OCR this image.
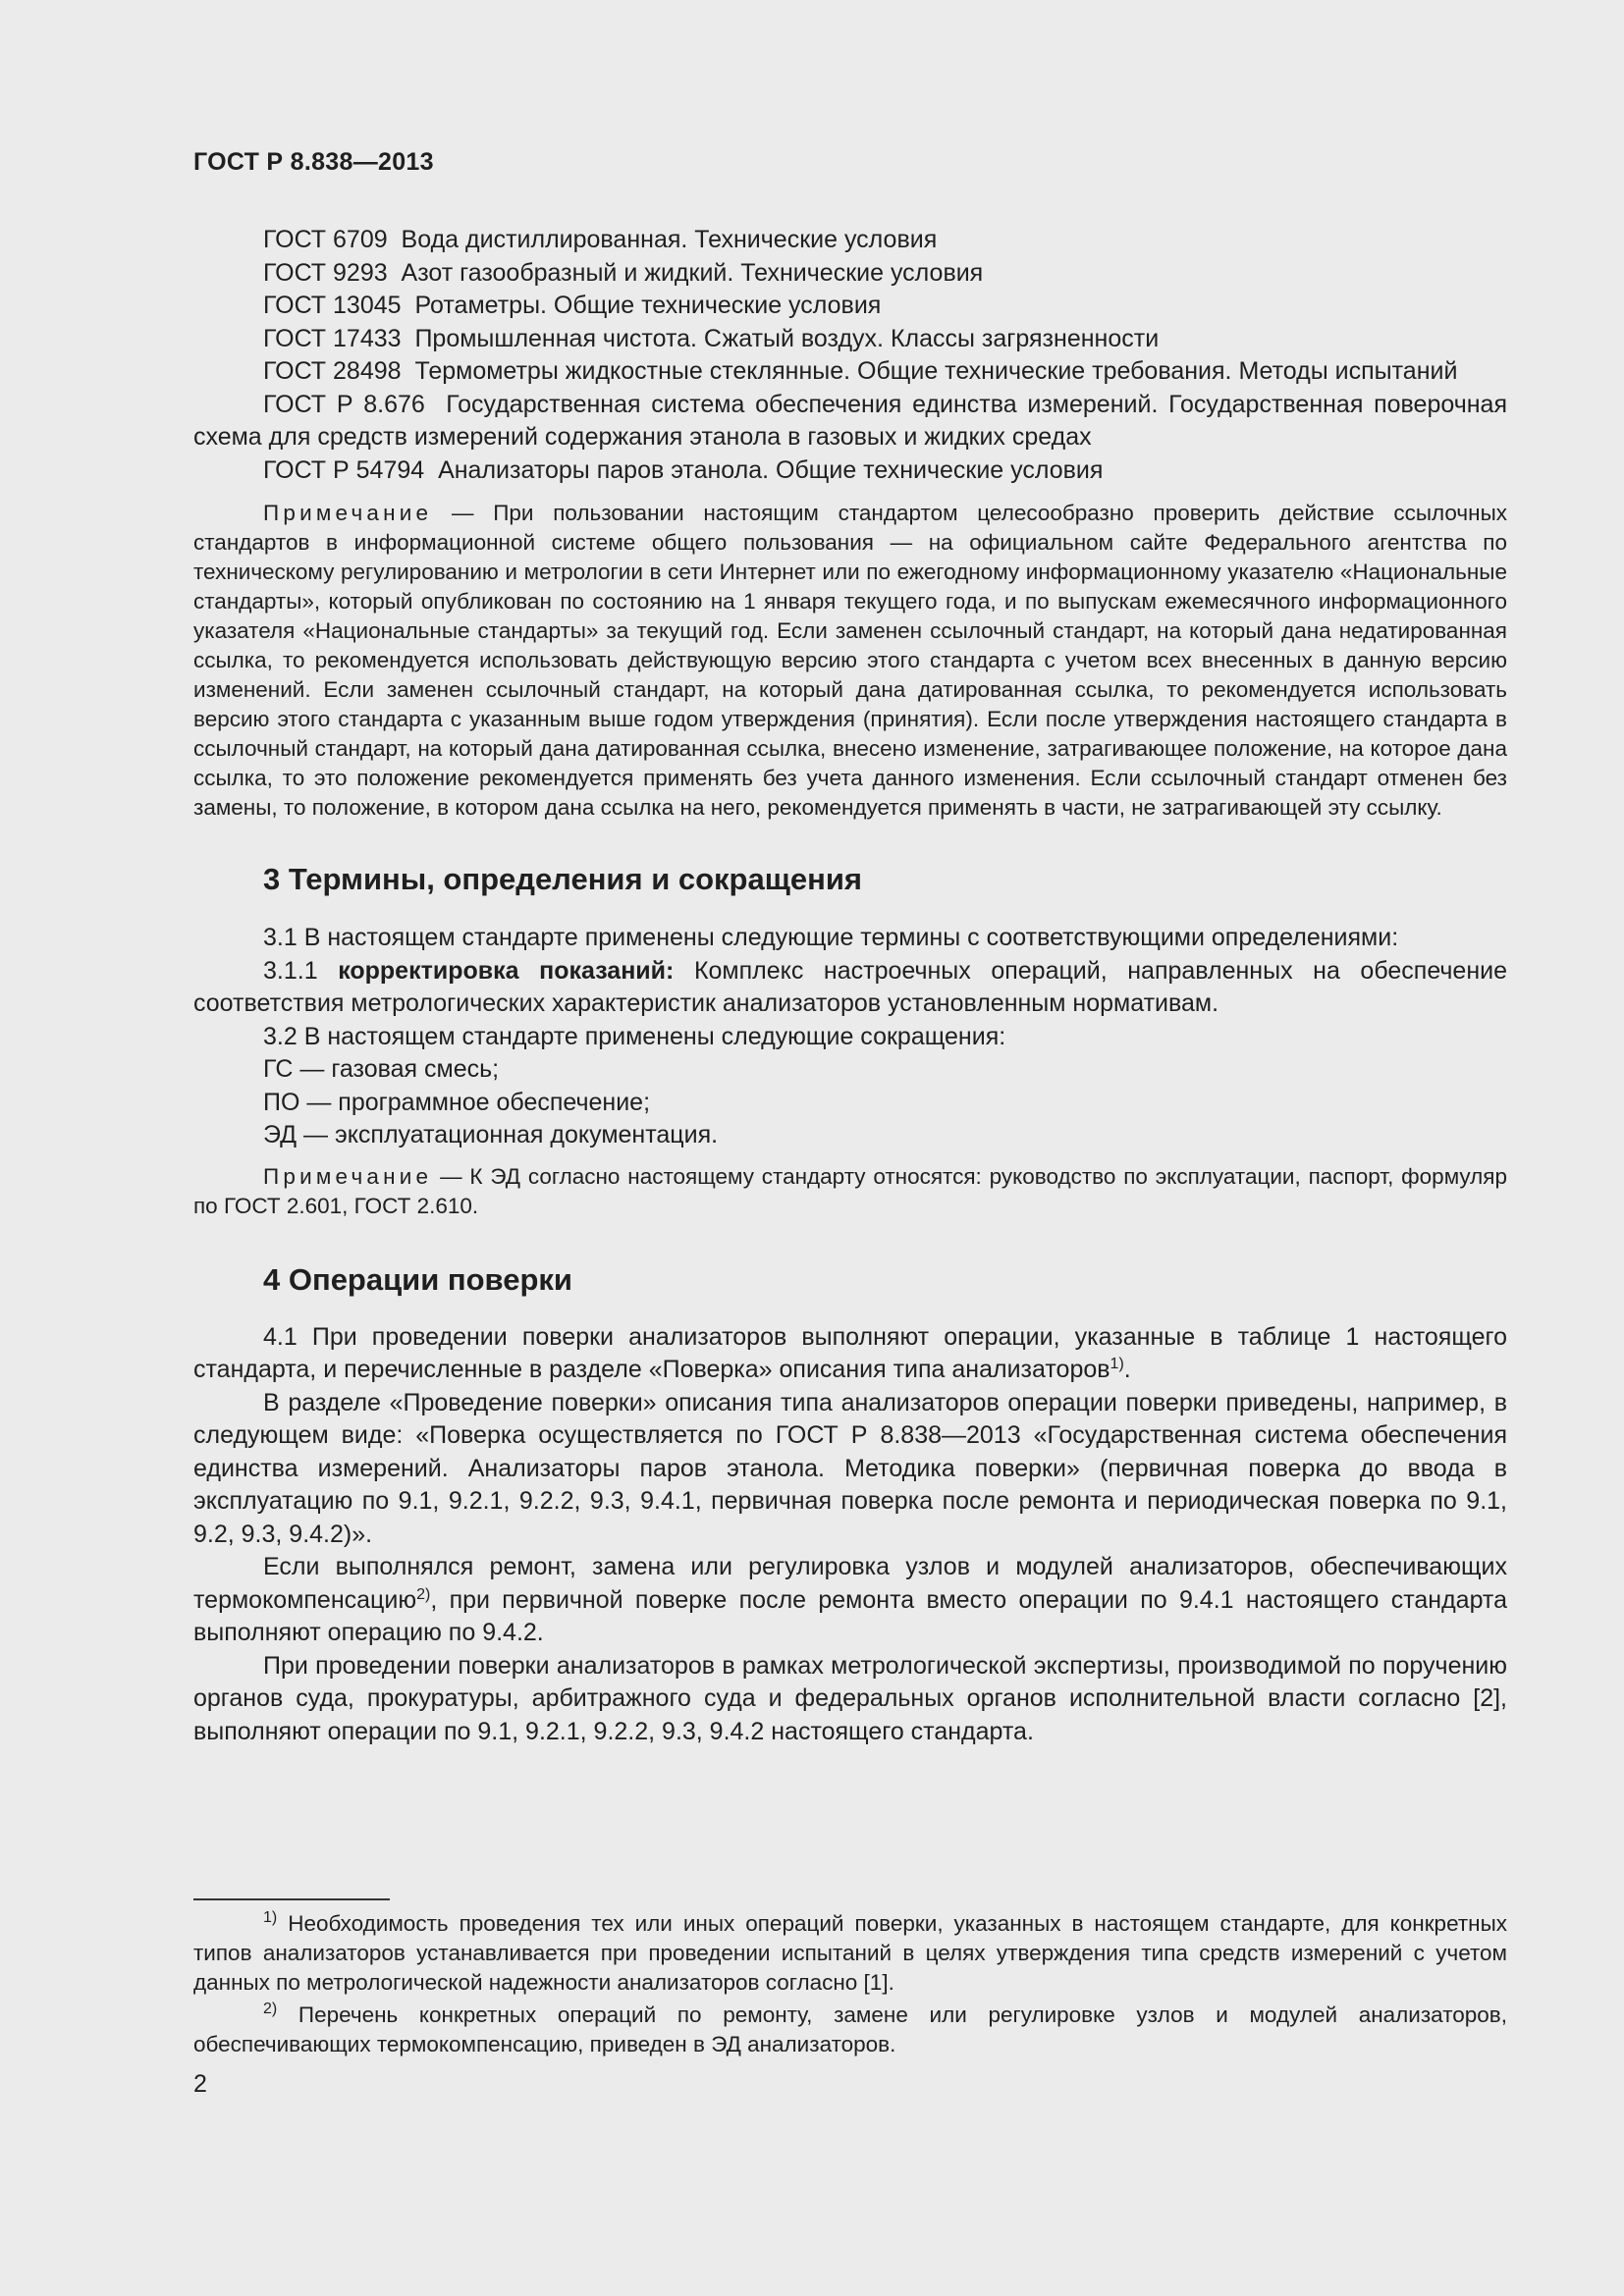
ГОСТ Р 8.838—2013

ГОСТ 6709 Вода дистиллированная. Технические условия

ГОСТ 9293 Азот газообразный и жидкий. Технические условия

ГОСТ 13045 Ротаметры. Общие технические условия

ГОСТ 17433 Промышленная чистота. Сжатый воздух. Классы загрязненности

ГОСТ 28498 Термометры жидкостные стеклянные. Общие технические требования. Методы испытаний

ГОСТ Р 8.676 Государственная система обеспечения единства измерений. Государственная поверочная схема для средств измерений содержания этанола в газовых и жидких средах

ГОСТ Р 54794 Анализаторы паров этанола. Общие технические условия

Примечание — При пользовании настоящим стандартом целесообразно проверить действие ссылочных стандартов в информационной системе общего пользования — на официальном сайте Федерального агентства по техническому регулированию и метрологии в сети Интернет или по ежегодному информационному указателю «Национальные стандарты», который опубликован по состоянию на 1 января текущего года, и по выпускам ежемесячного информационного указателя «Национальные стандарты» за текущий год. Если заменен ссылочный стандарт, на который дана недатированная ссылка, то рекомендуется использовать действующую версию этого стандарта с учетом всех внесенных в данную версию изменений. Если заменен ссылочный стандарт, на который дана датированная ссылка, то рекомендуется использовать версию этого стандарта с указанным выше годом утверждения (принятия). Если после утверждения настоящего стандарта в ссылочный стандарт, на который дана датированная ссылка, внесено изменение, затрагивающее положение, на которое дана ссылка, то это положение рекомендуется применять без учета данного изменения. Если ссылочный стандарт отменен без замены, то положение, в котором дана ссылка на него, рекомендуется применять в части, не затрагивающей эту ссылку.

3 Термины, определения и сокращения

3.1 В настоящем стандарте применены следующие термины с соответствующими определениями:

3.1.1 корректировка показаний: Комплекс настроечных операций, направленных на обеспечение соответствия метрологических характеристик анализаторов установленным нормативам.

3.2 В настоящем стандарте применены следующие сокращения:

ГС — газовая смесь;

ПО — программное обеспечение;

ЭД — эксплуатационная документация.

Примечание — К ЭД согласно настоящему стандарту относятся: руководство по эксплуатации, паспорт, формуляр по ГОСТ 2.601, ГОСТ 2.610.

4 Операции поверки

4.1 При проведении поверки анализаторов выполняют операции, указанные в таблице 1 настоящего стандарта, и перечисленные в разделе «Поверка» описания типа анализаторов$^{1)}$.

В разделе «Проведение поверки» описания типа анализаторов операции поверки приведены, например, в следующем виде: «Поверка осуществляется по ГОСТ Р 8.838—2013 «Государственная система обеспечения единства измерений. Анализаторы паров этанола. Методика поверки» (первичная поверка до ввода в эксплуатацию по 9.1, 9.2.1, 9.2.2, 9.3, 9.4.1, первичная поверка после ремонта и периодическая поверка по 9.1, 9.2, 9.3, 9.4.2)».

Если выполнялся ремонт, замена или регулировка узлов и модулей анализаторов, обеспечивающих термокомпенсацию$^{2)}$, при первичной поверке после ремонта вместо операции по 9.4.1 настоящего стандарта выполняют операцию по 9.4.2.

При проведении поверки анализаторов в рамках метрологической экспертизы, производимой по поручению органов суда, прокуратуры, арбитражного суда и федеральных органов исполнительной власти согласно [2], выполняют операции по 9.1, 9.2.1, 9.2.2, 9.3, 9.4.2 настоящего стандарта.

$^{1)}$ Необходимость проведения тех или иных операций поверки, указанных в настоящем стандарте, для конкретных типов анализаторов устанавливается при проведении испытаний в целях утверждения типа средств измерений с учетом данных по метрологической надежности анализаторов согласно [1].

$^{2)}$ Перечень конкретных операций по ремонту, замене или регулировке узлов и модулей анализаторов, обеспечивающих термокомпенсацию, приведен в ЭД анализаторов.

2
